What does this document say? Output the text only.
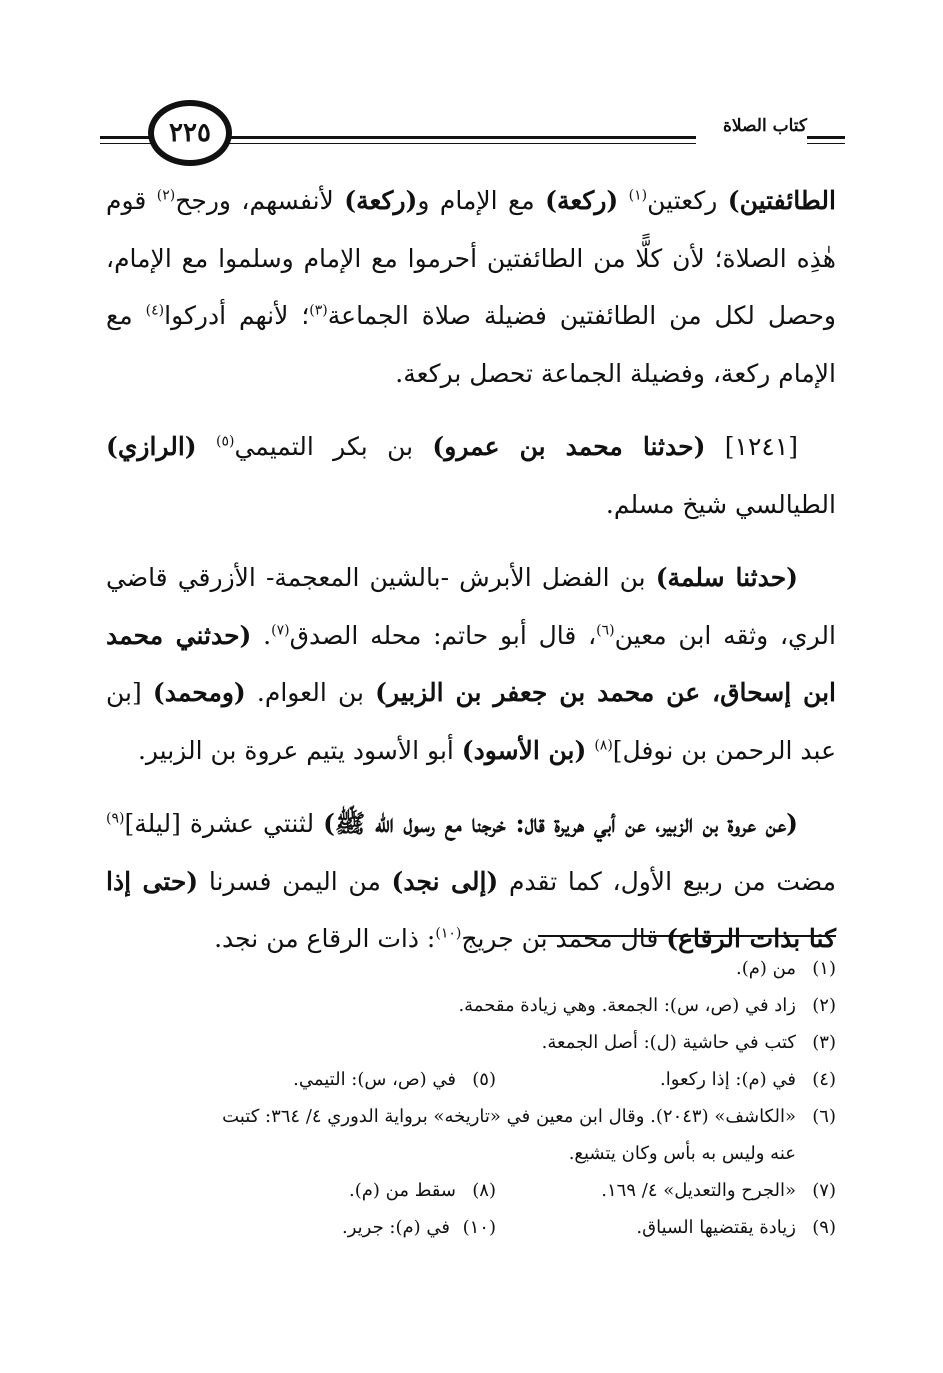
٢٢٥	كتاب الصلاة

الطائفتين) ركعتين$^{(١)}$ (ركعة) مع الإمام و(ركعة) لأنفسهم، ورجح$^{(٢)}$ قوم هٰذِه الصلاة؛ لأن كلًّا من الطائفتين أحرموا مع الإمام وسلموا مع الإمام، وحصل لكل من الطائفتين فضيلة صلاة الجماعة$^{(٣)}$؛ لأنهم أدركوا$^{(٤)}$ مع الإمام ركعة، وفضيلة الجماعة تحصل بركعة.

[١٢٤١] (حدثنا محمد بن عمرو) بن بكر التميمي$^{(٥)}$ (الرازي) الطيالسي شيخ مسلم.

(حدثنا سلمة) بن الفضل الأبرش -بالشين المعجمة- الأزرقي قاضي الري، وثقه ابن معين$^{(٦)}$، قال أبو حاتم: محله الصدق$^{(٧)}$. (حدثني محمد ابن إسحاق، عن محمد بن جعفر بن الزبير) بن العوام. (ومحمد) [بن عبد الرحمن بن نوفل]$^{(٨)}$ (بن الأسود) أبو الأسود يتيم عروة بن الزبير.

(عن عروة بن الزبير، عن أبي هريرة قال: خرجنا مع رسول الله ﷺ) لثنتي عشرة [ليلة]$^{(٩)}$ مضت من ربيع الأول، كما تقدم (إلى نجد) من اليمن فسرنا (حتى إذا كنا بذات الرقاع) قال محمد بن جريج$^{(١٠)}$: ذات الرقاع من نجد.

(١)
من (م).
(٢)
زاد في (ص، س): الجمعة. وهي زيادة مقحمة.
(٣)
كتب في حاشية (ل): أصل الجمعة.
(٤)
في (م): إذا ركعوا.
(٥)
في (ص، س): التيمي.
(٦)
«الكاشف» (٢٠٤٣). وقال ابن معين في «تاريخه» برواية الدوري ٤/ ٣٦٤: كتبت
عنه وليس به بأس وكان يتشيع.
(٧)
«الجرح والتعديل» ٤/ ١٦٩.
(٨)
سقط من (م).
(٩)
زيادة يقتضيها السياق.
(١٠)
في (م): جرير.
